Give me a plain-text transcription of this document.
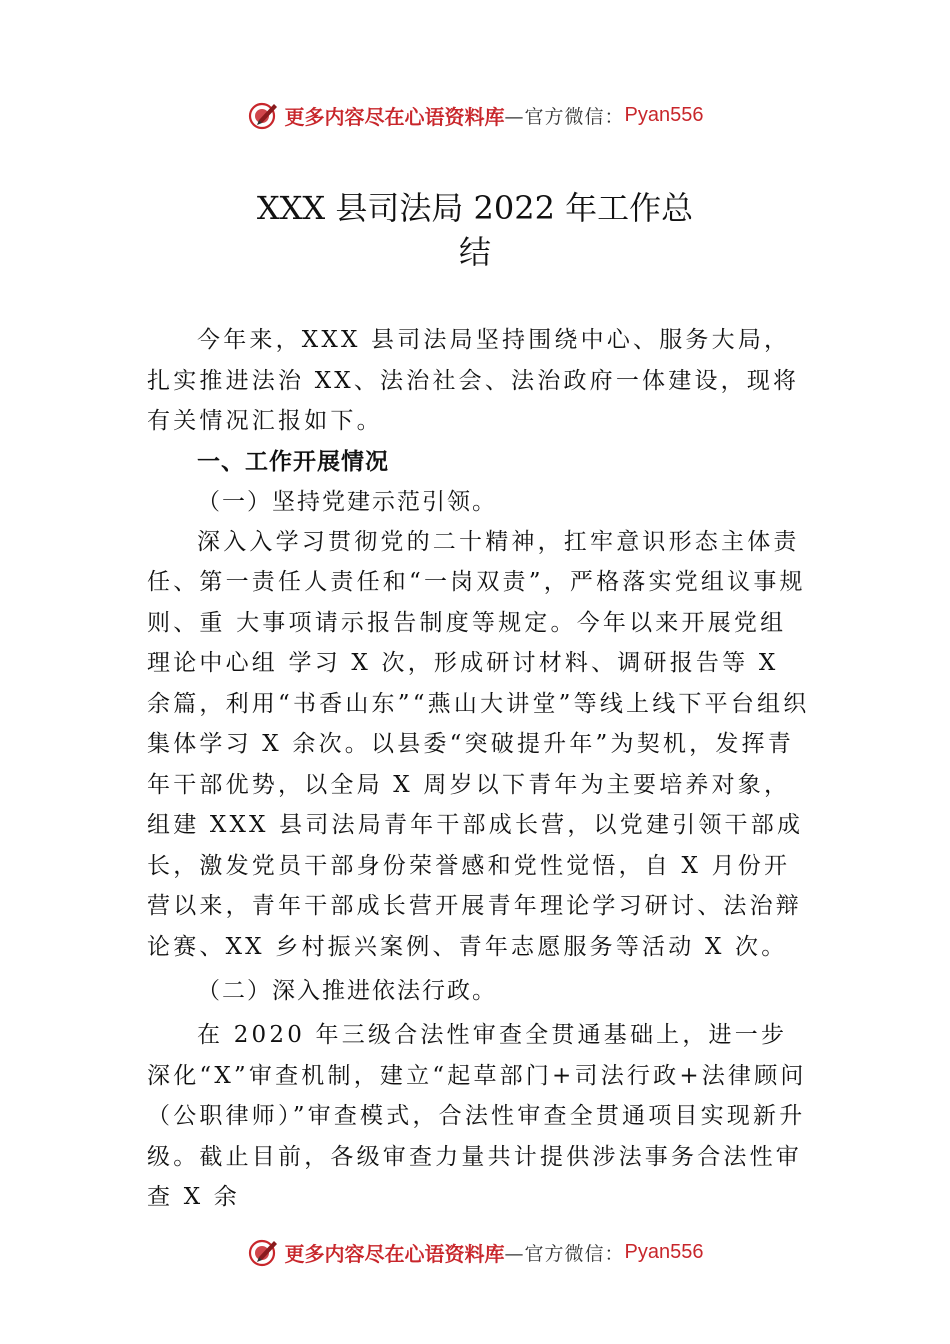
更多内容尽在心语资料库 —官方微信： Pyan556
XXX 县司法局 2022 年工作总
结

今年来，XXX 县司法局坚持围绕中心、服务大局，扎实推进法治 XX、法治社会、法治政府一体建设，现将有关情况汇报如下。

一、工作开展情况

（一）坚持党建示范引领。

深入入学习贯彻党的二十精神，扛牢意识形态主体责任、第一责任人责任和“一岗双责”，严格落实党组议事规则、重 大事项请示报告制度等规定。今年以来开展党组理论中心组 学习 X 次，形成研讨材料、调研报告等 X 余篇，利用“书香山东”“燕山大讲堂”等线上线下平台组织集体学习 X 余次。以县委“突破提升年”为契机，发挥青年干部优势，以全局 X 周岁以下青年为主要培养对象，组建 XXX 县司法局青年干部成长营，以党建引领干部成长，激发党员干部身份荣誉感和党性觉悟，自 X 月份开营以来，青年干部成长营开展青年理论学习研讨、法治辩论赛、XX 乡村振兴案例、青年志愿服务等活动 X 次。

（二）深入推进依法行政。

在 2020 年三级合法性审查全贯通基础上，进一步深化“X”审查机制，建立“起草部门+司法行政+法律顾问（公职律师）”审查模式，合法性审查全贯通项目实现新升级。截止目前，各级审查力量共计提供涉法事务合法性审查 X 余

更多内容尽在心语资料库 —官方微信： Pyan556
